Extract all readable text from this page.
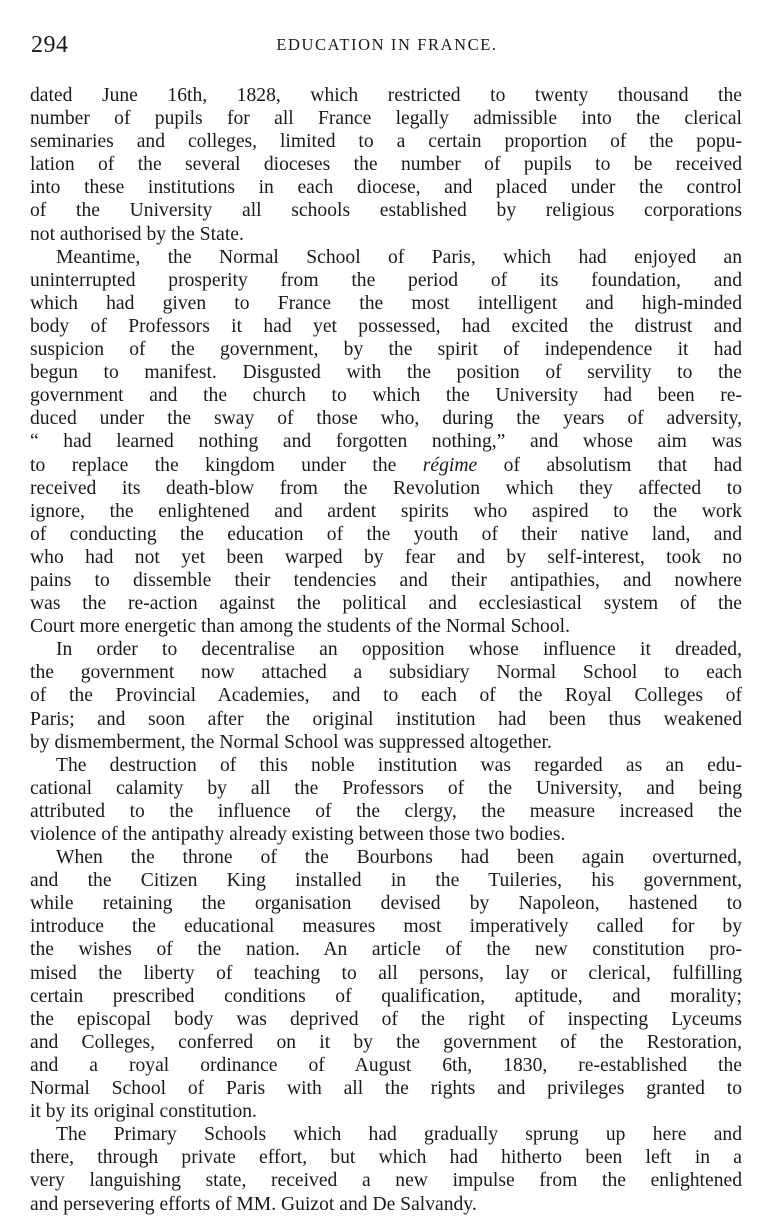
294	EDUCATION IN FRANCE.

dated June 16th, 1828, which restricted to twenty thousand the
number of pupils for all France legally admissible into the clerical
seminaries and colleges, limited to a certain proportion of the popu-
lation of the several dioceses the number of pupils to be received
into these institutions in each diocese, and placed under the control
of the University all schools established by religious corporations
not authorised by the State.

Meantime, the Normal School of Paris, which had enjoyed an
uninterrupted prosperity from the period of its foundation, and
which had given to France the most intelligent and high-minded
body of Professors it had yet possessed, had excited the distrust and
suspicion of the government, by the spirit of independence it had
begun to manifest. Disgusted with the position of servility to the
government and the church to which the University had been re-
duced under the sway of those who, during the years of adversity,
“ had learned nothing and forgotten nothing,” and whose aim was
to replace the kingdom under the régime of absolutism that had
received its death-blow from the Revolution which they affected to
ignore, the enlightened and ardent spirits who aspired to the work
of conducting the education of the youth of their native land, and
who had not yet been warped by fear and by self-interest, took no
pains to dissemble their tendencies and their antipathies, and nowhere
was the re-action against the political and ecclesiastical system of the
Court more energetic than among the students of the Normal School.

In order to decentralise an opposition whose influence it dreaded,
the government now attached a subsidiary Normal School to each
of the Provincial Academies, and to each of the Royal Colleges of
Paris; and soon after the original institution had been thus weakened
by dismemberment, the Normal School was suppressed altogether.

The destruction of this noble institution was regarded as an edu-
cational calamity by all the Professors of the University, and being
attributed to the influence of the clergy, the measure increased the
violence of the antipathy already existing between those two bodies.

When the throne of the Bourbons had been again overturned,
and the Citizen King installed in the Tuileries, his government,
while retaining the organisation devised by Napoleon, hastened to
introduce the educational measures most imperatively called for by
the wishes of the nation. An article of the new constitution pro-
mised the liberty of teaching to all persons, lay or clerical, fulfilling
certain prescribed conditions of qualification, aptitude, and morality;
the episcopal body was deprived of the right of inspecting Lyceums
and Colleges, conferred on it by the government of the Restoration,
and a royal ordinance of August 6th, 1830, re-established the
Normal School of Paris with all the rights and privileges granted to
it by its original constitution.

The Primary Schools which had gradually sprung up here and
there, through private effort, but which had hitherto been left in a
very languishing state, received a new impulse from the enlightened
and persevering efforts of MM. Guizot and De Salvandy.
